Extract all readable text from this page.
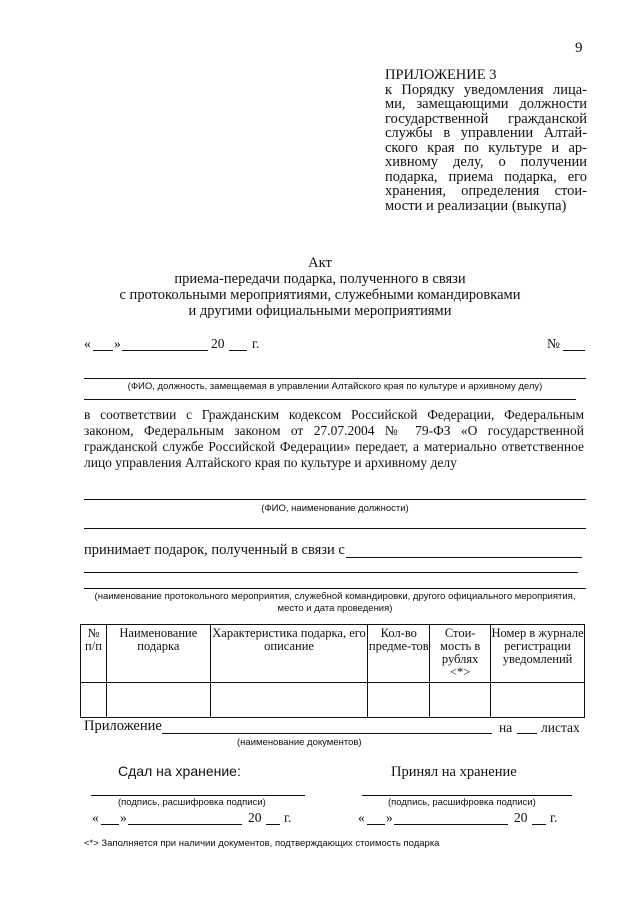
9
ПРИЛОЖЕНИЕ 3
к Порядку уведомления лица-
ми, замещающими должности
государственной гражданской
службы в управлении Алтай-
ского края по культуре и ар-
хивному делу, о получении
подарка, приема подарка, его
хранения, определения стои-
мости и реализации (выкупа)
Акт
приема-передачи подарка, полученного в связи
с протокольными мероприятиями, служебными командировками
и другими официальными мероприятиями
« »	20 г.	№
(ФИО, должность, замещаемая в управлении Алтайского края по культуре и архивному делу)
в соответствии с Гражданским кодексом Российской Федерации, Федеральным законом, Федеральным законом от 27.07.2004 № 79-ФЗ «О государственной гражданской службе Российской Федерации» передает, а материально ответственное лицо управления Алтайского края по культуре и архивному делу
(ФИО, наименование должности)
принимает подарок, полученный в связи с
(наименование протокольного мероприятия, служебной командировки, другого официального мероприятия,
место и дата проведения)
№ п/п	Наименование подарка	Характеристика подарка, его описание	Кол-во предме-тов	Стои-мость в рублях <*>	Номер в журнале регистрации уведомлений

Приложение	на листах
(наименование документов)
Сдал на хранение:
(подпись, расшифровка подписи)
« »	20 г.
Принял на хранение
(подпись, расшифровка подписи)
« »	20 г.
<*> Заполняется при наличии документов, подтверждающих стоимость подарка
